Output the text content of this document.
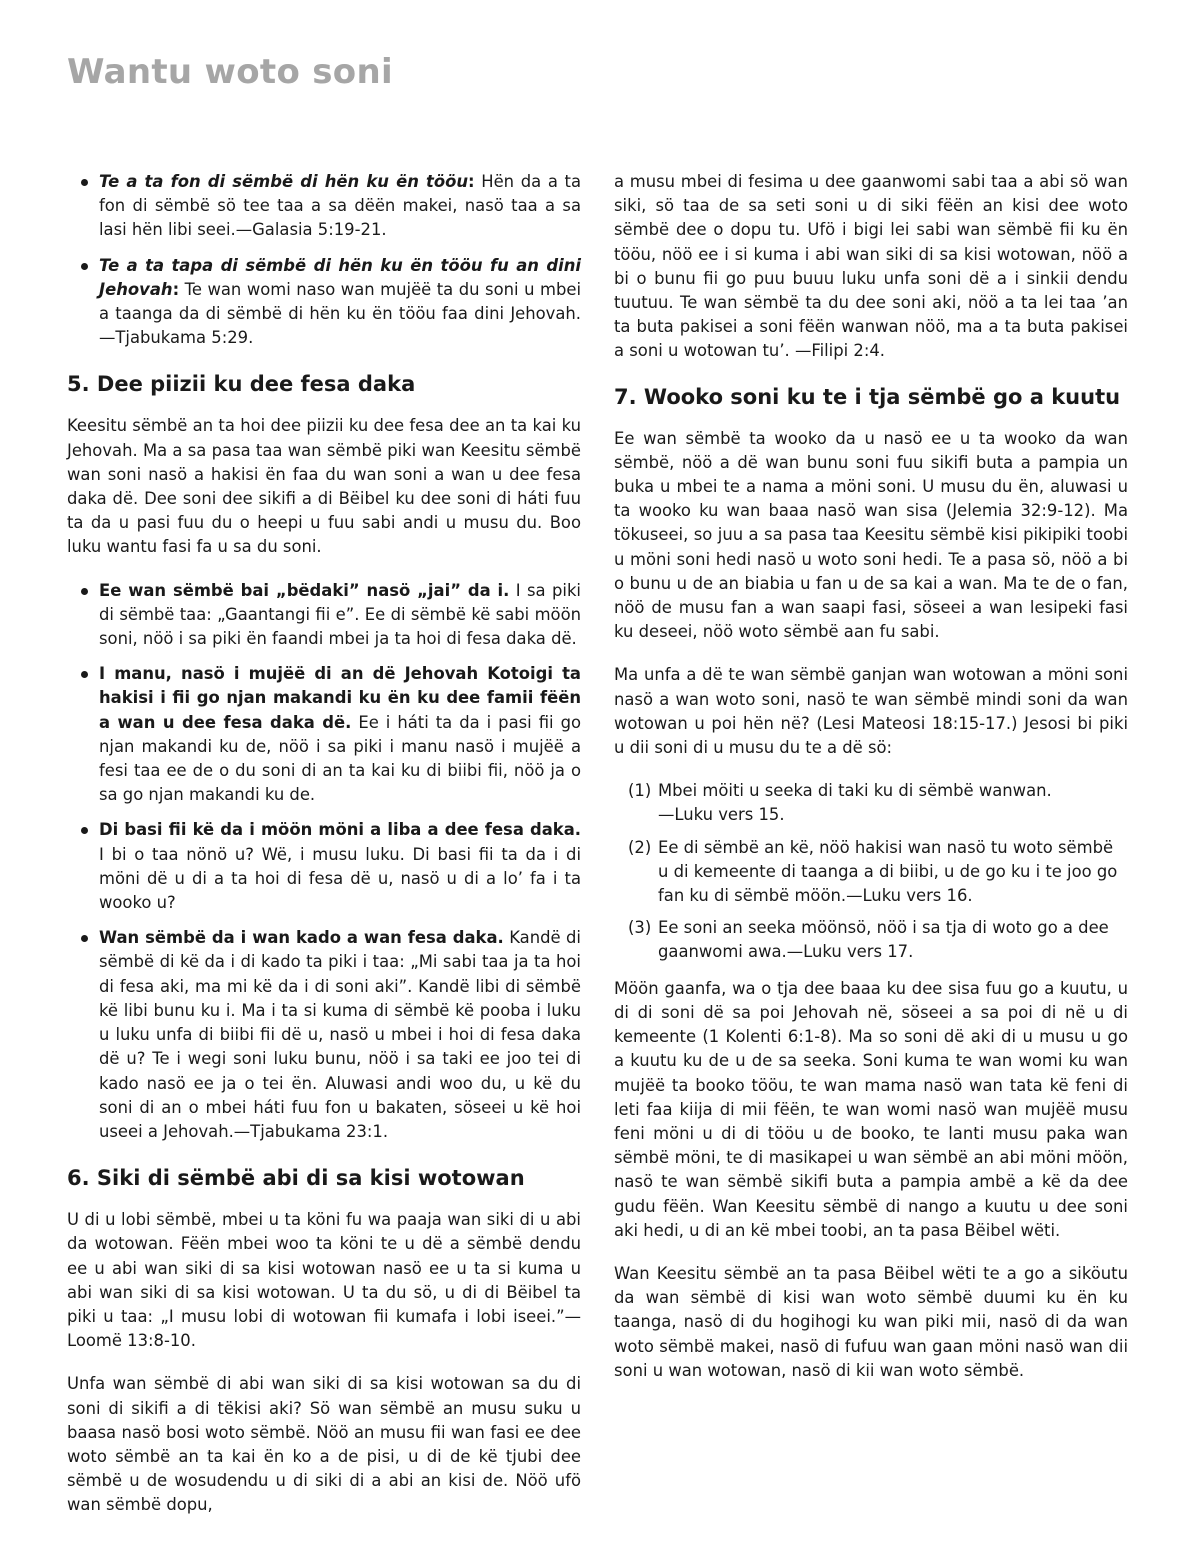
Wantu woto soni
Te a ta fon di sëmbë di hën ku ën tööu: Hën da a ta fon di sëmbë sö tee taa a sa dëën makei, nasö taa a sa lasi hën libi seei.—Galasia 5:19-21.
Te a ta tapa di sëmbë di hën ku ën tööu fu an dini Jehovah: Te wan womi naso wan mujëë ta du soni u mbei a taanga da di sëmbë di hën ku ën tööu faa dini Jehovah.—Tjabukama 5:29.
5. Dee piizii ku dee fesa daka

Keesitu sëmbë an ta hoi dee piizii ku dee fesa dee an ta kai ku Jehovah. Ma a sa pasa taa wan sëmbë piki wan Keesitu sëmbë wan soni nasö a hakisi ën faa du wan soni a wan u dee fesa daka dë. Dee soni dee sikifi a di Bëibel ku dee soni di háti fuu ta da u pasi fuu du o heepi u fuu sabi andi u musu du. Boo luku wantu fasi fa u sa du soni.

Ee wan sëmbë bai „bëdaki” nasö „jai” da i. I sa piki di sëmbë taa: „Gaantangi fii e”. Ee di sëmbë kë sabi möön soni, nöö i sa piki ën faandi mbei ja ta hoi di fesa daka dë.
I manu, nasö i mujëë di an dë Jehovah Kotoigi ta hakisi i fii go njan makandi ku ën ku dee famii fëën a wan u dee fesa daka dë. Ee i háti ta da i pasi fii go njan makandi ku de, nöö i sa piki i manu nasö i mujëë a fesi taa ee de o du soni di an ta kai ku di biibi fii, nöö ja o sa go njan makandi ku de.
Di basi fii kë da i möön möni a liba a dee fesa daka. I bi o taa nönö u? Wë, i musu luku. Di basi fii ta da i di möni dë u di a ta hoi di fesa dë u, nasö u di a lo’ fa i ta wooko u?
Wan sëmbë da i wan kado a wan fesa daka. Kandë di sëmbë di kë da i di kado ta piki i taa: „Mi sabi taa ja ta hoi di fesa aki, ma mi kë da i di soni aki”. Kandë libi di sëmbë kë libi bunu ku i. Ma i ta si kuma di sëmbë kë pooba i luku u luku unfa di biibi fii dë u, nasö u mbei i hoi di fesa daka dë u? Te i wegi soni luku bunu, nöö i sa taki ee joo tei di kado nasö ee ja o tei ën. Aluwasi andi woo du, u kë du soni di an o mbei háti fuu fon u bakaten, söseei u kë hoi useei a Jehovah.—Tjabukama 23:1.
6. Siki di sëmbë abi di sa kisi wotowan

U di u lobi sëmbë, mbei u ta köni fu wa paaja wan siki di u abi da wotowan. Fëën mbei woo ta köni te u dë a sëmbë dendu ee u abi wan siki di sa kisi wotowan nasö ee u ta si kuma u abi wan siki di sa kisi wotowan. U ta du sö, u di di Bëibel ta piki u taa: „I musu lobi di wotowan fii kumafa i lobi iseei.”—Loomë 13:8-10.

Unfa wan sëmbë di abi wan siki di sa kisi wotowan sa du di soni di sikifi a di tëkisi aki? Sö wan sëmbë an musu suku u baasa nasö bosi woto sëmbë. Nöö an musu fii wan fasi ee dee woto sëmbë an ta kai ën ko a de pisi, u di de kë tjubi dee sëmbë u de wosudendu u di siki di a abi an kisi de. Nöö ufö wan sëmbë dopu,

a musu mbei di fesima u dee gaanwomi sabi taa a abi sö wan siki, sö taa de sa seti soni u di siki fëën an kisi dee woto sëmbë dee o dopu tu. Ufö i bigi lei sabi wan sëmbë fii ku ën tööu, nöö ee i si kuma i abi wan siki di sa kisi wotowan, nöö a bi o bunu fii go puu buuu luku unfa soni dë a i sinkii dendu tuutuu. Te wan sëmbë ta du dee soni aki, nöö a ta lei taa ’an ta buta pakisei a soni fëën wanwan nöö, ma a ta buta pakisei a soni u wotowan tu’. —Filipi 2:4.

7. Wooko soni ku te i tja sëmbë go a kuutu

Ee wan sëmbë ta wooko da u nasö ee u ta wooko da wan sëmbë, nöö a dë wan bunu soni fuu sikifi buta a pampia un buka u mbei te a nama a möni soni. U musu du ën, aluwasi u ta wooko ku wan baaa nasö wan sisa (Jelemia 32:9-12). Ma tökuseei, so juu a sa pasa taa Keesitu sëmbë kisi pikipiki toobi u möni soni hedi nasö u woto soni hedi. Te a pasa sö, nöö a bi o bunu u de an biabia u fan u de sa kai a wan. Ma te de o fan, nöö de musu fan a wan saapi fasi, söseei a wan lesipeki fasi ku deseei, nöö woto sëmbë aan fu sabi.

Ma unfa a dë te wan sëmbë ganjan wan wotowan a möni soni nasö a wan woto soni, nasö te wan sëmbë mindi soni da wan wotowan u poi hën në? (Lesi Mateosi 18:15-17.) Jesosi bi piki u dii soni di u musu du te a dë sö:

(1) Mbei möiti u seeka di taki ku di sëmbë wanwan.
—Luku vers 15.
(2) Ee di sëmbë an kë, nöö hakisi wan nasö tu woto sëmbë u di kemeente di taanga a di biibi, u de go ku i te joo go fan ku di sëmbë möön.—Luku vers 16.
(3) Ee soni an seeka möönsö, nöö i sa tja di woto go a dee gaanwomi awa.—Luku vers 17.

Möön gaanfa, wa o tja dee baaa ku dee sisa fuu go a kuutu, u di di soni dë sa poi Jehovah në, söseei a sa poi di në u di kemeente (1 Kolenti 6:1-8). Ma so soni dë aki di u musu u go a kuutu ku de u de sa seeka. Soni kuma te wan womi ku wan mujëë ta booko tööu, te wan mama nasö wan tata kë feni di leti faa kiija di mii fëën, te wan womi nasö wan mujëë musu feni möni u di di tööu u de booko, te lanti musu paka wan sëmbë möni, te di masikapei u wan sëmbë an abi möni möön, nasö te wan sëmbë sikifi buta a pampia ambë a kë da dee gudu fëën. Wan Keesitu sëmbë di nango a kuutu u dee soni aki hedi, u di an kë mbei toobi, an ta pasa Bëibel wëti.

Wan Keesitu sëmbë an ta pasa Bëibel wëti te a go a siköutu da wan sëmbë di kisi wan woto sëmbë duumi ku ën ku taanga, nasö di du hogihogi ku wan piki mii, nasö di da wan woto sëmbë makei, nasö di fufuu wan gaan möni nasö wan dii soni u wan wotowan, nasö di kii wan woto sëmbë.
